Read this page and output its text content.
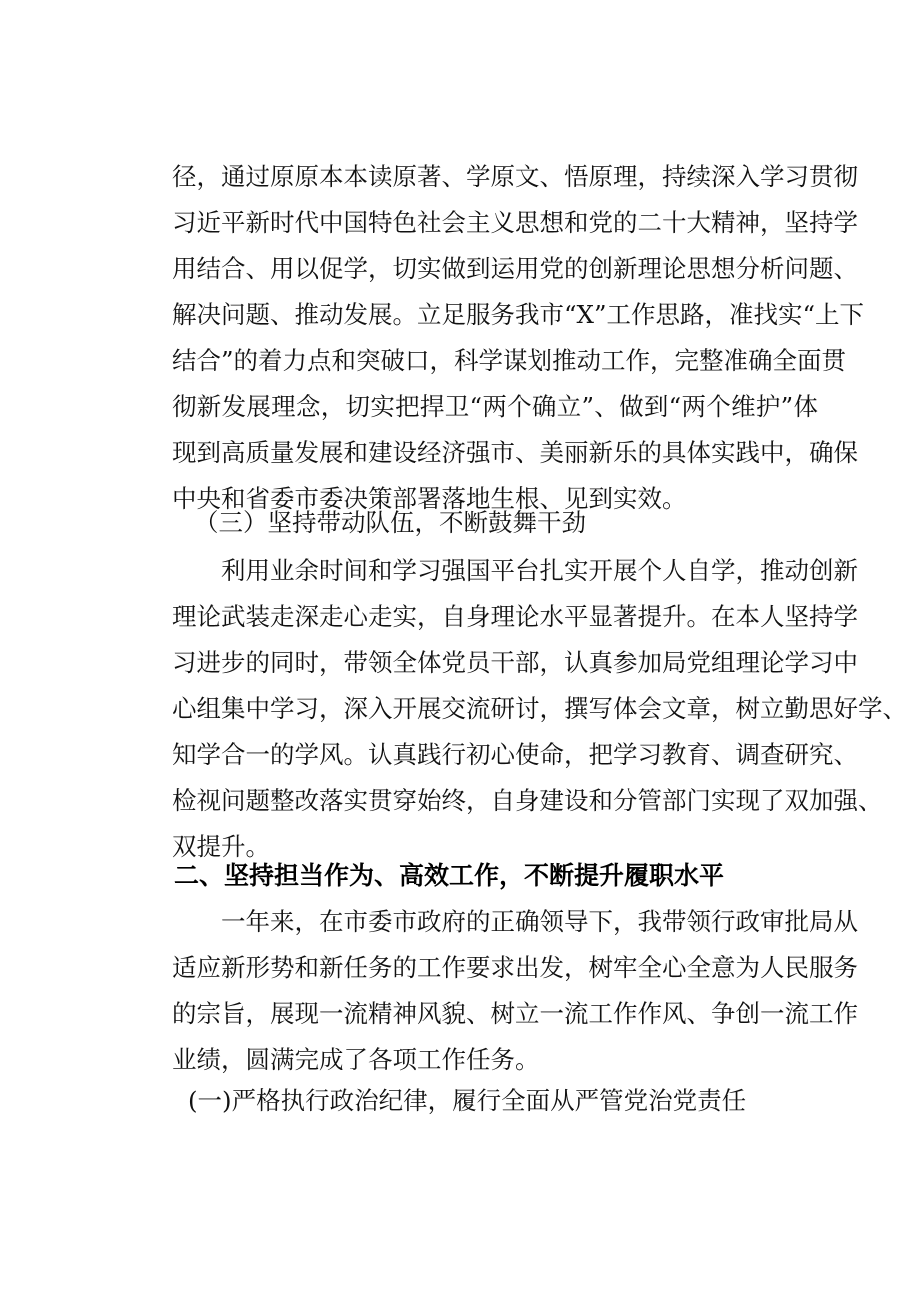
径，通过原原本本读原著、学原文、悟原理，持续深入学习贯彻
习近平新时代中国特色社会主义思想和党的二十大精神，坚持学
用结合、用以促学，切实做到运用党的创新理论思想分析问题、
解决问题、推动发展。立足服务我市“X”工作思路，准找实“上下
结合”的着力点和突破口，科学谋划推动工作，完整准确全面贯
彻新发展理念，切实把捍卫“两个确立”、做到“两个维护”体
现到高质量发展和建设经济强市、美丽新乐的具体实践中，确保
中央和省委市委决策部署落地生根、见到实效。
（三）坚持带动队伍，不断鼓舞干劲
利用业余时间和学习强国平台扎实开展个人自学，推动创新
理论武装走深走心走实，自身理论水平显著提升。在本人坚持学
习进步的同时，带领全体党员干部，认真参加局党组理论学习中
心组集中学习，深入开展交流研讨，撰写体会文章，树立勤思好学、
知学合一的学风。认真践行初心使命，把学习教育、调查研究、
检视问题整改落实贯穿始终，自身建设和分管部门实现了双加强、
双提升。
二、坚持担当作为、高效工作，不断提升履职水平
一年来，在市委市政府的正确领导下，我带领行政审批局从
适应新形势和新任务的工作要求出发，树牢全心全意为人民服务
的宗旨，展现一流精神风貌、树立一流工作作风、争创一流工作
业绩，圆满完成了各项工作任务。
(一)严格执行政治纪律，履行全面从严管党治党责任
